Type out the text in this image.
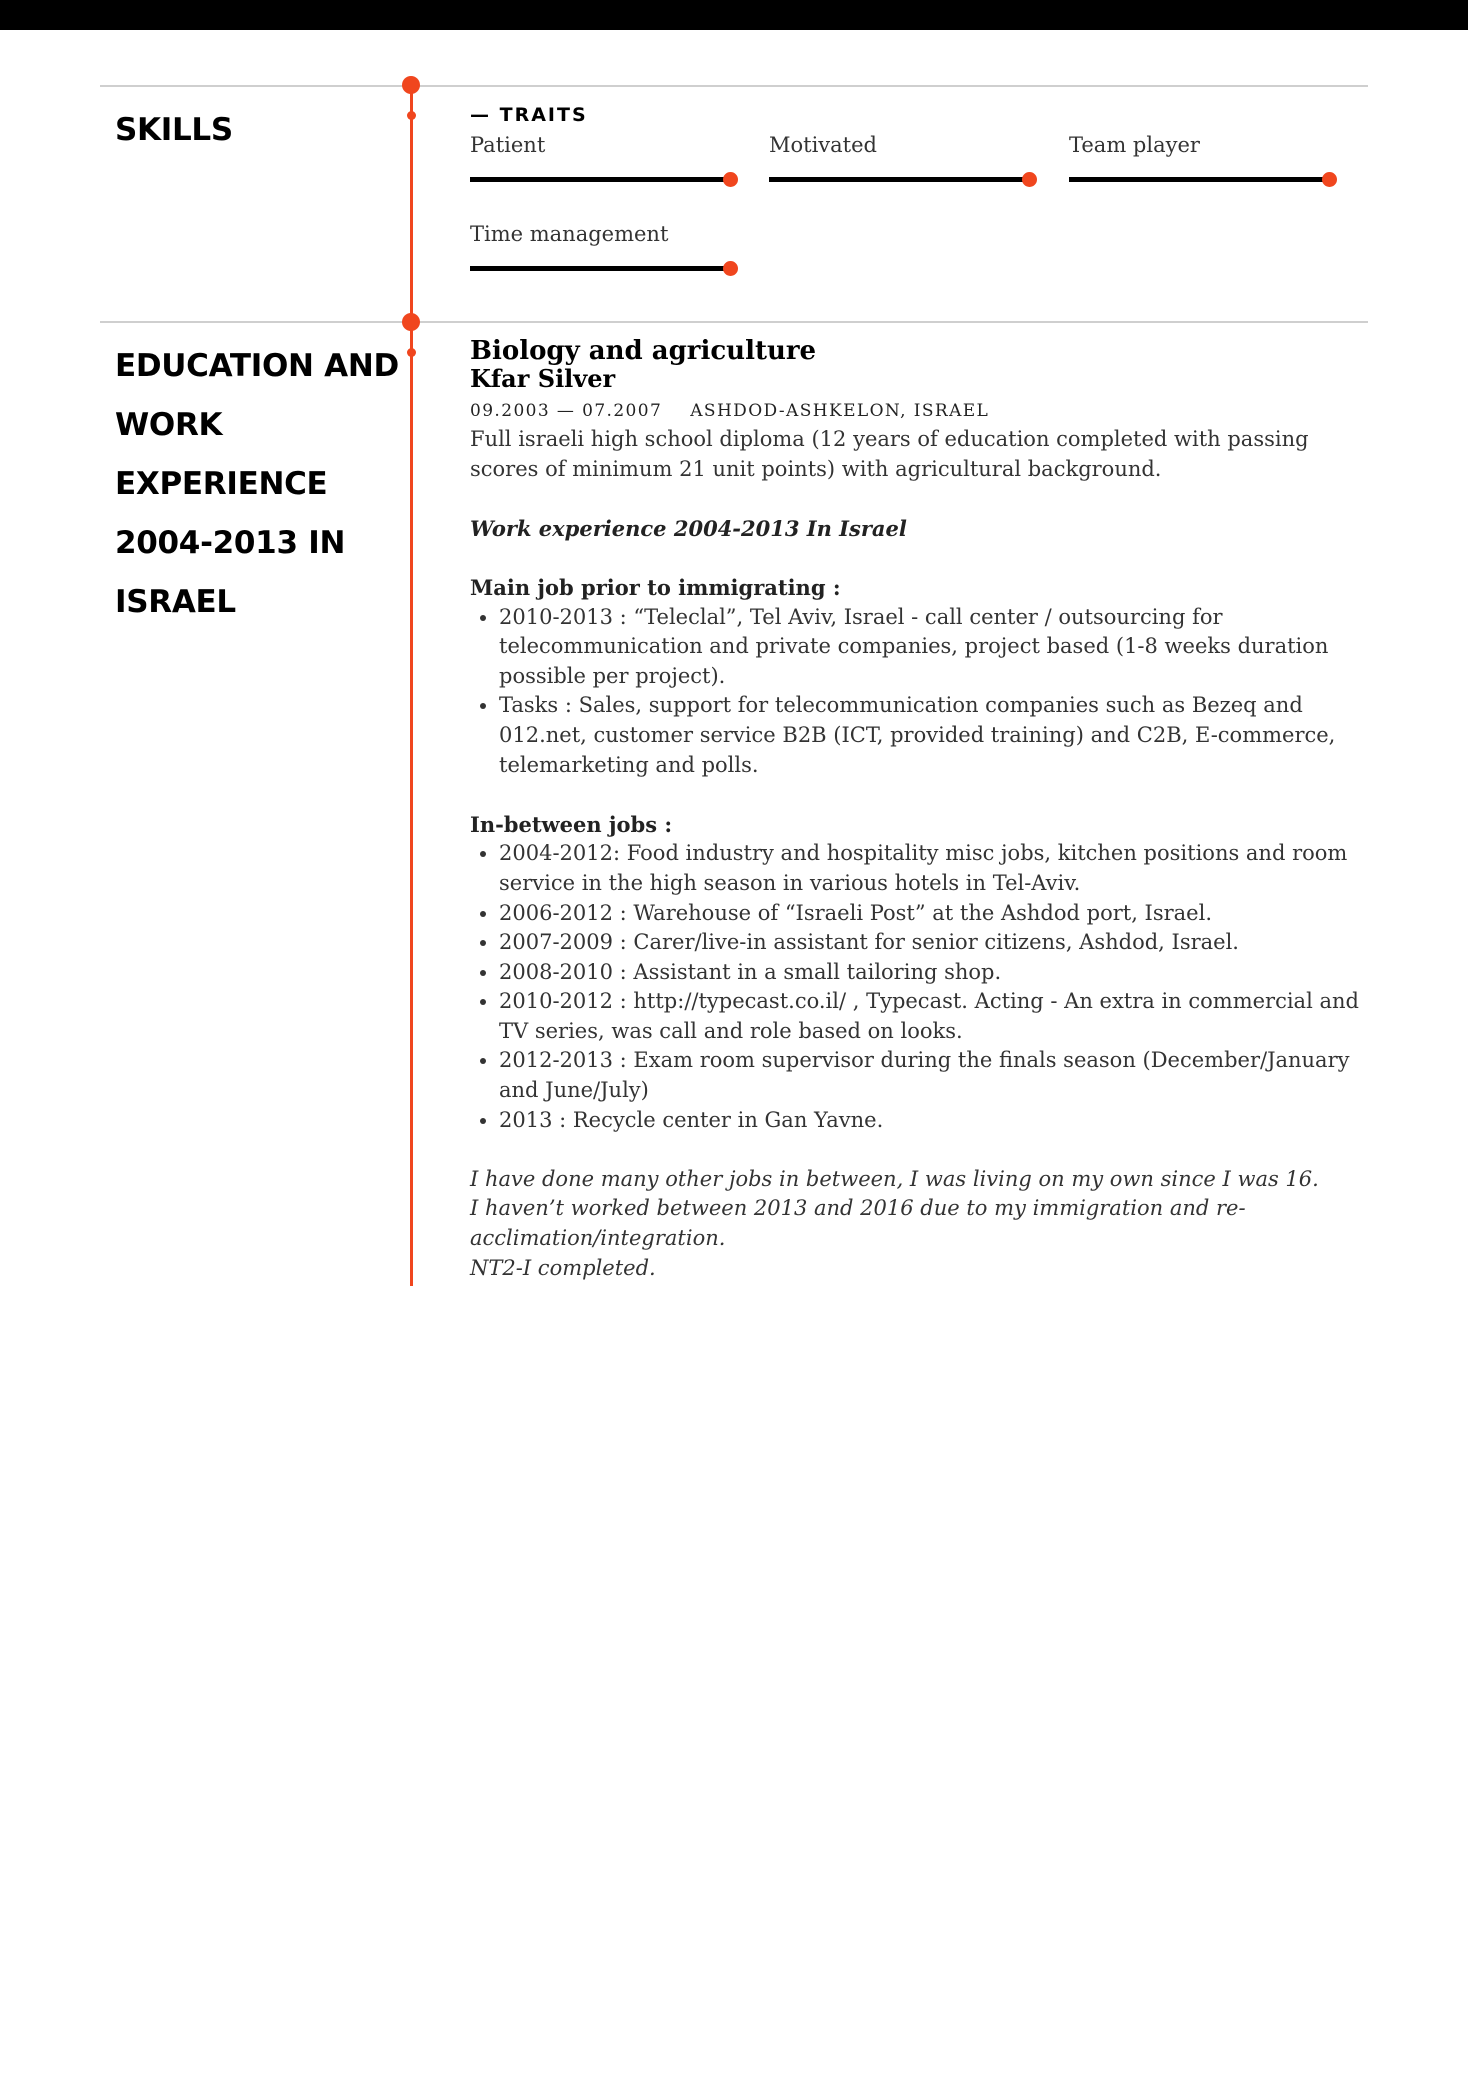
SKILLS	— TRAITS
Patient	Motivated	Team player
Time management
EDUCATION AND WORK EXPERIENCE 2004-2013 IN ISRAEL

Biology and agriculture

Kfar Silver

09.2003 — 07.2007 ASHDOD-ASHKELON, ISRAEL

Full israeli high school diploma (12 years of education completed with passing scores of minimum 21 unit points) with agricultural background.

Work experience 2004-2013 In Israel

Main job prior to immigrating :

• 2010-2013 : “Teleclal”, Tel Aviv, Israel - call center / outsourcing for telecommunication and private companies, project based (1-8 weeks duration possible per project).
• Tasks : Sales, support for telecommunication companies such as Bezeq and 012.net, customer service B2B (ICT, provided training) and C2B, E-commerce, telemarketing and polls.

In-between jobs :

• 2004-2012: Food industry and hospitality misc jobs, kitchen positions and room service in the high season in various hotels in Tel-Aviv.
• 2006-2012 : Warehouse of “Israeli Post” at the Ashdod port, Israel.
• 2007-2009 : Carer/live-in assistant for senior citizens, Ashdod, Israel.
• 2008-2010 : Assistant in a small tailoring shop.
• 2010-2012 : http://typecast.co.il/ , Typecast. Acting - An extra in commercial and TV series, was call and role based on looks.
• 2012-2013 : Exam room supervisor during the finals season (December/January and June/July)
• 2013 : Recycle center in Gan Yavne.

I have done many other jobs in between, I was living on my own since I was 16.

I haven’t worked between 2013 and 2016 due to my immigration and re-acclimation/integration.

NT2-I completed.
